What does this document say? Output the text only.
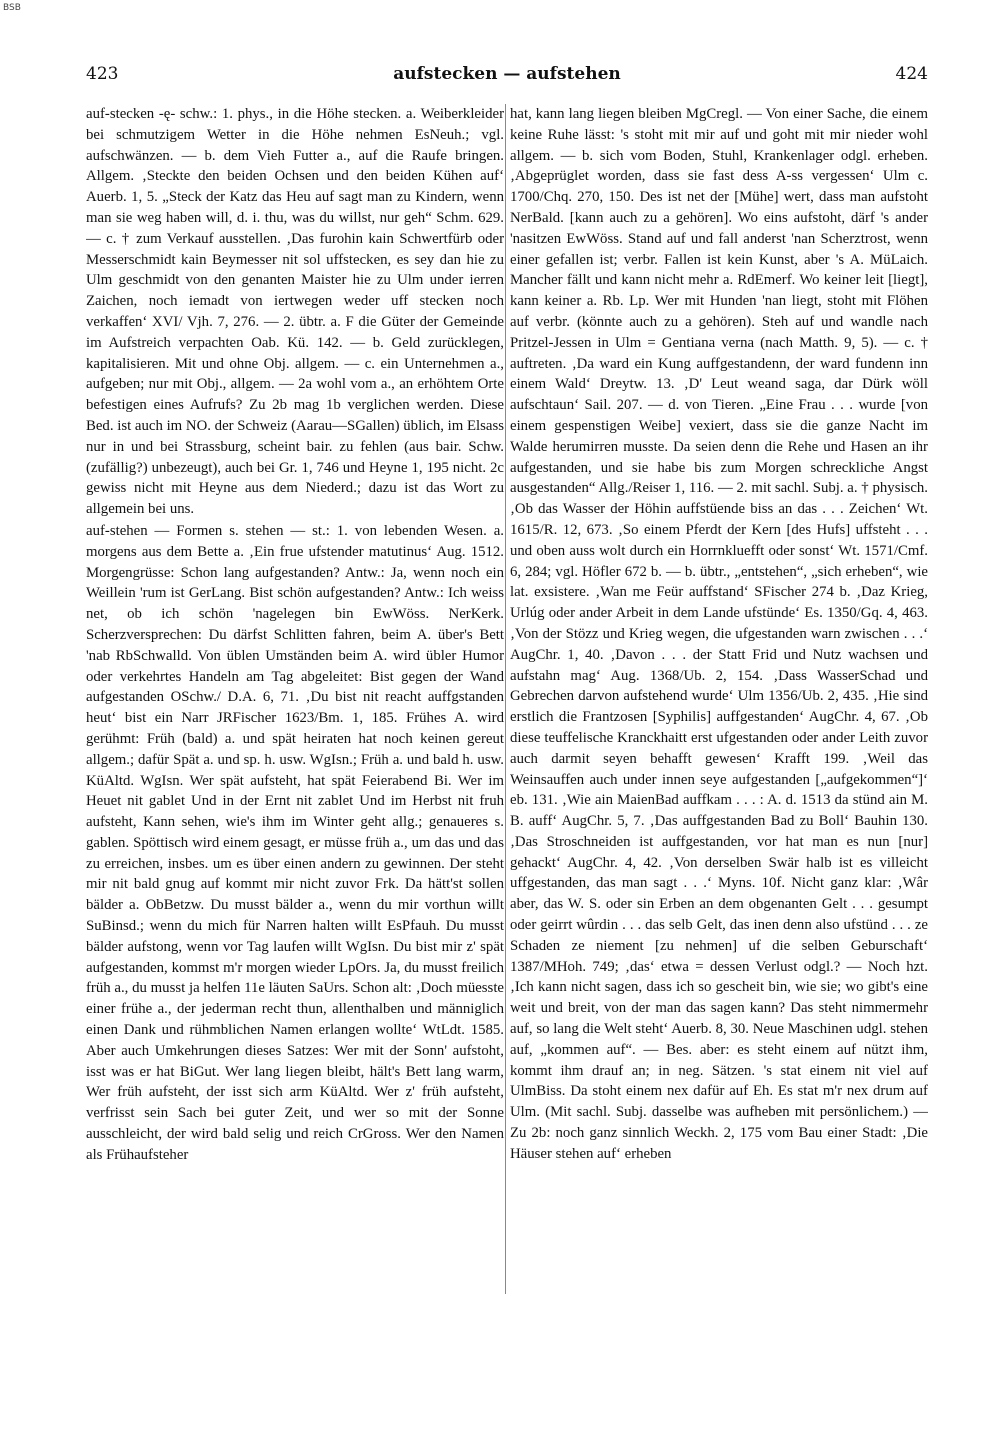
BSB
423	aufstecken — aufstehen	424

auf-stecken -ę- schw.: 1. phys., in die Höhe stecken. a. Weiberkleider bei schmutzigem Wetter in die Höhe nehmen EsNeuh.; vgl. aufschwänzen. — b. dem Vieh Futter a., auf die Raufe bringen. Allgem. ‚Steckte den beiden Ochsen und den beiden Kühen auf‘ Auerb. 1, 5. „Steck der Katz das Heu auf sagt man zu Kindern, wenn man sie weg haben will, d. i. thu, was du willst, nur geh“ Schm. 629. — c. † zum Verkauf ausstellen. ‚Das furohin kain Schwertfürb oder Messerschmidt kain Beymesser nit sol uffstecken, es sey dan hie zu Ulm geschmidt von den genanten Maister hie zu Ulm under ierren Zaichen, noch iemadt von iertwegen weder uff stecken noch verkaffen‘ XVI/ Vjh. 7, 276. — 2. übtr. a. F die Güter der Gemeinde im Aufstreich verpachten Oab. Kü. 142. — b. Geld zurücklegen, kapitalisieren. Mit und ohne Obj. allgem. — c. ein Unternehmen a., aufgeben; nur mit Obj., allgem. — 2a wohl vom a., an erhöhtem Orte befestigen eines Aufrufs? Zu 2b mag 1b verglichen werden. Diese Bed. ist auch im NO. der Schweiz (Aarau—SGallen) üblich, im Elsass nur in und bei Strassburg, scheint bair. zu fehlen (aus bair. Schw. (zufällig?) unbezeugt), auch bei Gr. 1, 746 und Heyne 1, 195 nicht. 2c gewiss nicht mit Heyne aus dem Niederd.; dazu ist das Wort zu allgemein bei uns.

auf-stehen — Formen s. stehen — st.: 1. von lebenden Wesen. a. morgens aus dem Bette a. ‚Ein frue ufstender matutinus‘ Aug. 1512. Morgengrüsse: Schon lang aufgestanden? Antw.: Ja, wenn noch ein Weillein 'rum ist GerLang. Bist schön aufgestanden? Antw.: Ich weiss net, ob ich schön 'nagelegen bin EwWöss. NerKerk. Scherzversprechen: Du därfst Schlitten fahren, beim A. über's Bett 'nab RbSchwalld. Von üblen Umständen beim A. wird übler Humor oder verkehrtes Handeln am Tag abgeleitet: Bist gegen der Wand aufgestanden OSchw./ D.A. 6, 71. ‚Du bist nit reacht auffgstanden heut‘ bist ein Narr JRFischer 1623/Bm. 1, 185. Frühes A. wird gerühmt: Früh (bald) a. und spät heiraten hat noch keinen gereut allgem.; dafür Spät a. und sp. h. usw. WgIsn.; Früh a. und bald h. usw. KüAltd. WgIsn. Wer spät aufsteht, hat spät Feierabend Bi. Wer im Heuet nit gablet Und in der Ernt nit zablet Und im Herbst nit fruh aufsteht, Kann sehen, wie's ihm im Winter geht allg.; genaueres s. gablen. Spöttisch wird einem gesagt, er müsse früh a., um das und das zu erreichen, insbes. um es über einen andern zu gewinnen. Der steht mir nit bald gnug auf kommt mir nicht zuvor Frk. Da hätt'st sollen bälder a. ObBetzw. Du musst bälder a., wenn du mir vorthun willt SuBinsd.; wenn du mich für Narren halten willt EsPfauh. Du musst bälder aufstong, wenn vor Tag laufen willt WgIsn. Du bist mir z' spät aufgestanden, kommst m'r morgen wieder LpOrs. Ja, du musst freilich früh a., du musst ja helfen 11e läuten SaUrs. Schon alt: ‚Doch müesste einer frühe a., der jederman recht thun, allenthalben und männiglich einen Dank und rühmblichen Namen erlangen wollte‘ WtLdt. 1585. Aber auch Umkehrungen dieses Satzes: Wer mit der Sonn' aufstoht, isst was er hat BiGut. Wer lang liegen bleibt, hält's Bett lang warm, Wer früh aufsteht, der isst sich arm KüAltd. Wer z' früh aufsteht, verfrisst sein Sach bei guter Zeit, und wer so mit der Sonne ausschleicht, der wird bald selig und reich CrGross. Wer den Namen als Frühaufsteher

hat, kann lang liegen bleiben MgCregl. — Von einer Sache, die einem keine Ruhe lässt: 's stoht mit mir auf und goht mit mir nieder wohl allgem. — b. sich vom Boden, Stuhl, Krankenlager odgl. erheben. ‚Abgeprüglet worden, dass sie fast dess A-ss vergessen‘ Ulm c. 1700/Chq. 270, 150. Des ist net der [Mühe] wert, dass man aufstoht NerBald. [kann auch zu a gehören]. Wo eins aufstoht, därf 's ander 'nasitzen EwWöss. Stand auf und fall anderst 'nan Scherztrost, wenn einer gefallen ist; verbr. Fallen ist kein Kunst, aber 's A. MüLaich. Mancher fällt und kann nicht mehr a. RdEmerf. Wo keiner leit [liegt], kann keiner a. Rb. Lp. Wer mit Hunden 'nan liegt, stoht mit Flöhen auf verbr. (könnte auch zu a gehören). Steh auf und wandle nach Pritzel-Jessen in Ulm = Gentiana verna (nach Matth. 9, 5). — c. † auftreten. ‚Da ward ein Kung auffgestandenn, der ward fundenn inn einem Wald‘ Dreytw. 13. ‚D' Leut weand saga, dar Dürk wöll aufschtaun‘ Sail. 207. — d. von Tieren. „Eine Frau . . . wurde [von einem gespenstigen Weibe] vexiert, dass sie die ganze Nacht im Walde herumirren musste. Da seien denn die Rehe und Hasen an ihr aufgestanden, und sie habe bis zum Morgen schreckliche Angst ausgestanden“ Allg./Reiser 1, 116. — 2. mit sachl. Subj. a. † physisch. ‚Ob das Wasser der Höhin auffstüende biss an das . . . Zeichen‘ Wt. 1615/R. 12, 673. ‚So einem Pferdt der Kern [des Hufs] uffsteht . . . und oben auss wolt durch ein Horrnkluefft oder sonst‘ Wt. 1571/Cmf. 6, 284; vgl. Höfler 672 b. — b. übtr., „entstehen“, „sich erheben“, wie lat. exsistere. ‚Wan me Feür auffstand‘ SFischer 274 b. ‚Daz Krieg, Urlúg oder ander Arbeit in dem Lande ufstünde‘ Es. 1350/Gq. 4, 463. ‚Von der Stözz und Krieg wegen, die ufgestanden warn zwischen . . .‘ AugChr. 1, 40. ‚Davon . . . der Statt Frid und Nutz wachsen und aufstahn mag‘ Aug. 1368/Ub. 2, 154. ‚Dass WasserSchad und Gebrechen darvon aufstehend wurde‘ Ulm 1356/Ub. 2, 435. ‚Hie sind erstlich die Frantzosen [Syphilis] auffgestanden‘ AugChr. 4, 67. ‚Ob diese teuffelische Kranckhaitt erst ufgestanden oder ander Leith zuvor auch darmit seyen behafft gewesen‘ Krafft 199. ‚Weil das Weinsauffen auch under innen seye aufgestanden [„aufgekommen“]‘ eb. 131. ‚Wie ain MaienBad auffkam . . . : A. d. 1513 da stünd ain M. B. auff‘ AugChr. 5, 7. ‚Das auffgestanden Bad zu Boll‘ Bauhin 130. ‚Das Stroschneiden ist auffgestanden, vor hat man es nun [nur] gehackt‘ AugChr. 4, 42. ‚Von derselben Swär halb ist es villeicht uffgestanden, das man sagt . . .‘ Myns. 10f. Nicht ganz klar: ‚Wâr aber, das W. S. oder sin Erben an dem obgenanten Gelt . . . gesumpt oder geirrt wûrdin . . . das selb Gelt, das inen denn also ufstünd . . . ze Schaden ze niement [zu nehmen] uf die selben Geburschaft‘ 1387/MHoh. 749; ‚das‘ etwa = dessen Verlust odgl.? — Noch hzt. ‚Ich kann nicht sagen, dass ich so gescheit bin, wie sie; wo gibt's eine weit und breit, von der man das sagen kann? Das steht nimmermehr auf, so lang die Welt steht‘ Auerb. 8, 30. Neue Maschinen udgl. stehen auf, „kommen auf“. — Bes. aber: es steht einem auf nützt ihm, kommt ihm drauf an; in neg. Sätzen. 's stat einem nit viel auf UlmBiss. Da stoht einem nex dafür auf Eh. Es stat m'r nex drum auf Ulm. (Mit sachl. Subj. dasselbe was aufheben mit persönlichem.) — Zu 2b: noch ganz sinnlich Weckh. 2, 175 vom Bau einer Stadt: ‚Die Häuser stehen auf‘ erheben
